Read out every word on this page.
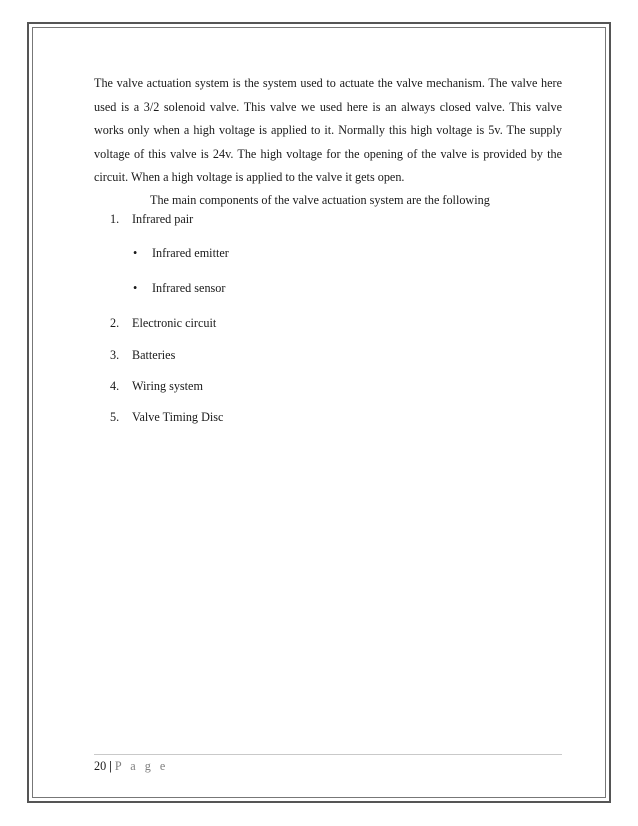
The valve actuation system is the system used to actuate the valve mechanism. The valve here used is a 3/2 solenoid valve. This valve we used here is an always closed valve. This valve works only when a high voltage is applied to it. Normally this high voltage is 5v. The supply voltage of this valve is 24v. The high voltage for the opening of the valve is provided by the circuit. When a high voltage is applied to the valve it gets open.

The main components of the valve actuation system are the following

1. Infrared pair
• Infrared emitter
• Infrared sensor
2. Electronic circuit
3. Batteries
4. Wiring system
5. Valve Timing Disc
20 | P a g e
